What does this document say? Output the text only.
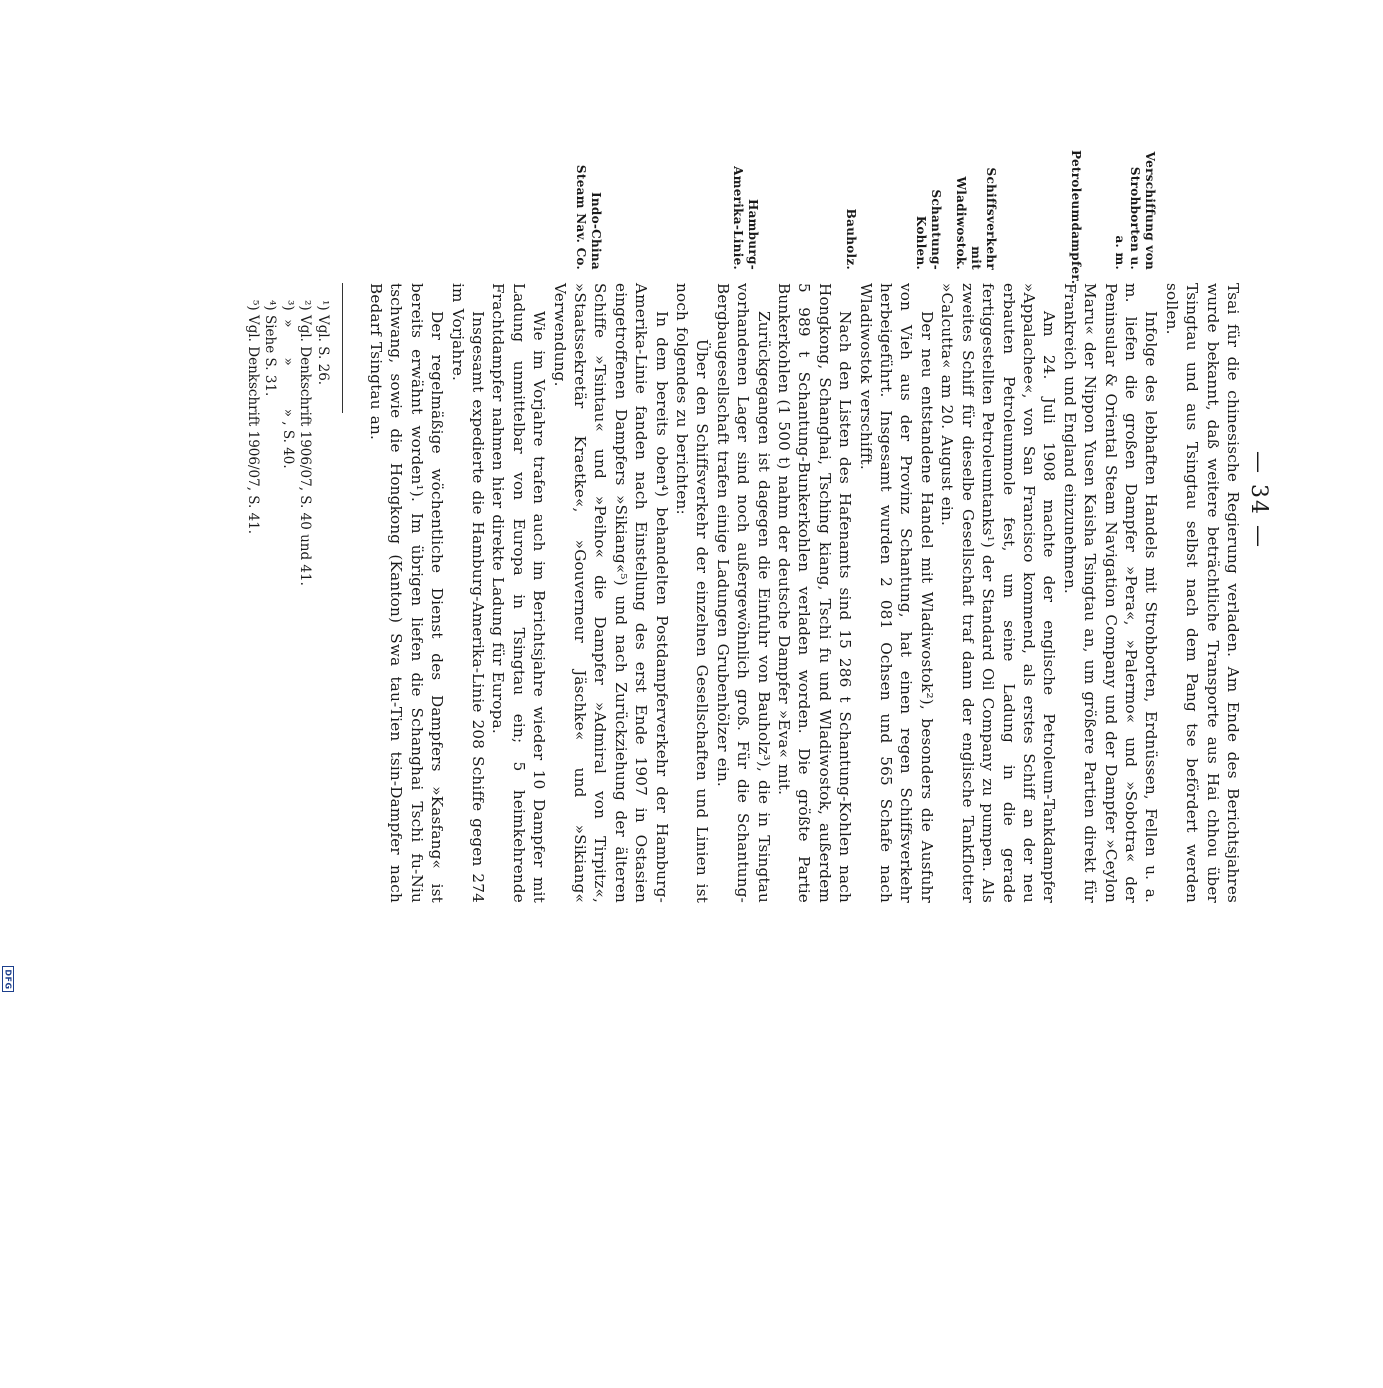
— 34 —
Verschiffung von Strohborten u. a. m.
Petroleumdampfer.
Schiffsverkehr mit Wladiwostok.
Schantung-Kohlen.
Bauholz.
Hamburg-Amerika-Linie.
Indo-China Steam Nav. Co.

Tsai für die chinesische Regierung verladen. Am Ende des Berichtsjahres wurde bekannt, daß weitere beträchtliche Transporte aus Hai chhou über Tsingtau und aus Tsingtau selbst nach dem Pang tse befördert werden sollen.

Infolge des lebhaften Handels mit Strohborten, Erdnüssen, Fellen u. a. m. liefen die großen Dampfer »Pera«, »Palermo« und »Sobotra« der Peninsular & Oriental Steam Navigation Company und der Dampfer »Ceylon Maru« der Nippon Yusen Kaisha Tsingtau an, um größere Partien direkt für Frankreich und England einzunehmen.

Am 24. Juli 1908 machte der englische Petroleum-Tankdampfer »Appalachee«, von San Francisco kommend, als erstes Schiff an der neu erbauten Petroleummole fest, um seine Ladung in die gerade fertiggestellten Petroleumtanks¹) der Standard Oil Company zu pumpen. Als zweites Schiff für dieselbe Gesellschaft traf dann der englische Tankflotter »Calcutta« am 20. August ein.

Der neu entstandene Handel mit Wladiwostok²), besonders die Ausfuhr von Vieh aus der Provinz Schantung, hat einen regen Schiffsverkehr herbeigeführt. Insgesamt wurden 2 081 Ochsen und 565 Schafe nach Wladiwostok verschifft.

Nach den Listen des Hafenamts sind 15 286 t Schantung-Kohlen nach Hongkong, Schanghai, Tsching kiang, Tschi fu und Wladiwostok, außerdem 5 989 t Schantung-Bunkerkohlen verladen worden. Die größte Partie Bunkerkohlen (1 500 t) nahm der deutsche Dampfer »Eva« mit.

Zurückgegangen ist dagegen die Einfuhr von Bauholz³), die in Tsingtau vorhandenen Lager sind noch außergewöhnlich groß. Für die Schantung-Bergbaugesellschaft trafen einige Ladungen Grubenhölzer ein.

Über den Schiffsverkehr der einzelnen Gesellschaften und Linien ist noch folgendes zu berichten:

In dem bereits oben⁴) behandelten Postdampferverkehr der Hamburg-Amerika-Linie fanden nach Einstellung des erst Ende 1907 in Ostasien eingetroffenen Dampfers »Sikiang«⁵) und nach Zurückziehung der älteren Schiffe »Tsintau« und »Peiho« die Dampfer »Admiral von Tirpitz«, »Staatssekretär Kraetke«, »Gouverneur Jäschke« und »Sikiang« Verwendung.

Wie im Vorjahre trafen auch im Berichtsjahre wieder 10 Dampfer mit Ladung unmittelbar von Europa in Tsingtau ein; 5 heimkehrende Frachtdampfer nahmen hier direkte Ladung für Europa.

Insgesamt expedierte die Hamburg-Amerika-Linie 208 Schiffe gegen 274 im Vorjahre.

Der regelmäßige wöchentliche Dienst des Dampfers »Kasfang« ist bereits erwähnt worden¹). Im übrigen liefen die Schanghai Tschi fu-Niu tschwang, sowie die Hongkong (Kanton) Swa tau-Tien tsin-Dampfer nach Bedarf Tsingtau an.

¹) Vgl. S. 26.
²) Vgl. Denkschrift 1906/07, S. 40 und 41.
³)  »       »          » , S. 40.
⁴) Siehe S. 31.
⁵) Vgl. Denkschrift 1906/07, S. 41.
DFG
